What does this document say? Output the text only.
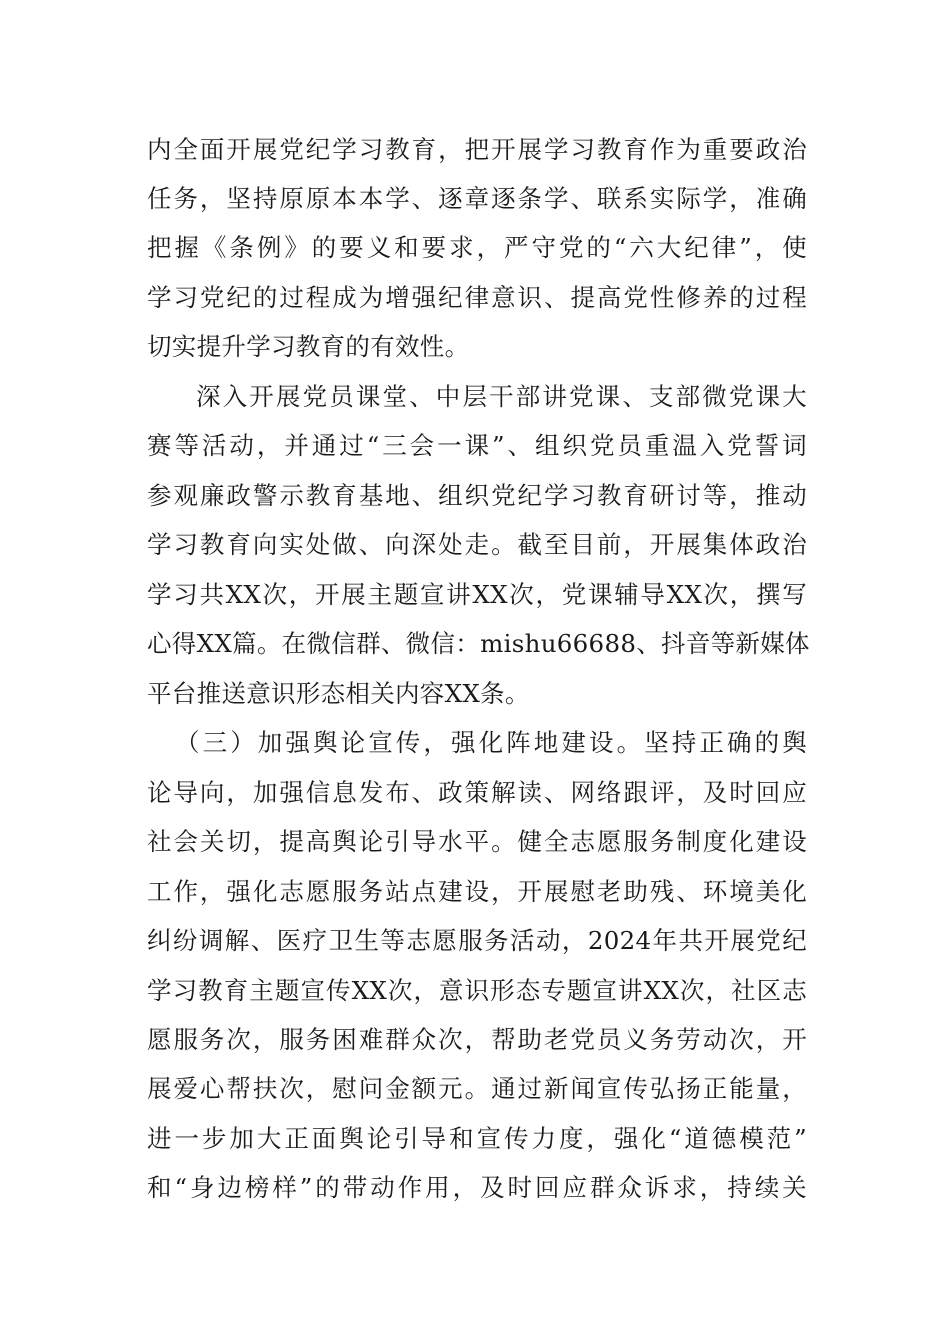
内全面开展党纪学习教育，把开展学习教育作为重要政治
任务，坚持原原本本学、逐章逐条学、联系实际学，准确
把握《条例》的要义和要求，严守党的“六大纪律”，使
学习党纪的过程成为增强纪律意识、提高党性修养的过程
切实提升学习教育的有效性。
深入开展党员课堂、中层干部讲党课、支部微党课大
赛等活动，并通过“三会一课”、组织党员重温入党誓词
参观廉政警示教育基地、组织党纪学习教育研讨等，推动
学习教育向实处做、向深处走。截至目前，开展集体政治
学习共XX次，开展主题宣讲XX次，党课辅导XX次，撰写
心得XX篇。在微信群、微信：mishu66688、抖音等新媒体
平台推送意识形态相关内容XX条。
（三）加强舆论宣传，强化阵地建设。坚持正确的舆
论导向，加强信息发布、政策解读、网络跟评，及时回应
社会关切，提高舆论引导水平。健全志愿服务制度化建设
工作，强化志愿服务站点建设，开展慰老助残、环境美化
纠纷调解、医疗卫生等志愿服务活动，2024年共开展党纪
学习教育主题宣传XX次，意识形态专题宣讲XX次，社区志
愿服务次，服务困难群众次，帮助老党员义务劳动次，开
展爱心帮扶次，慰问金额元。通过新闻宣传弘扬正能量，
进一步加大正面舆论引导和宣传力度，强化“道德模范”
和“身边榜样”的带动作用，及时回应群众诉求，持续关
